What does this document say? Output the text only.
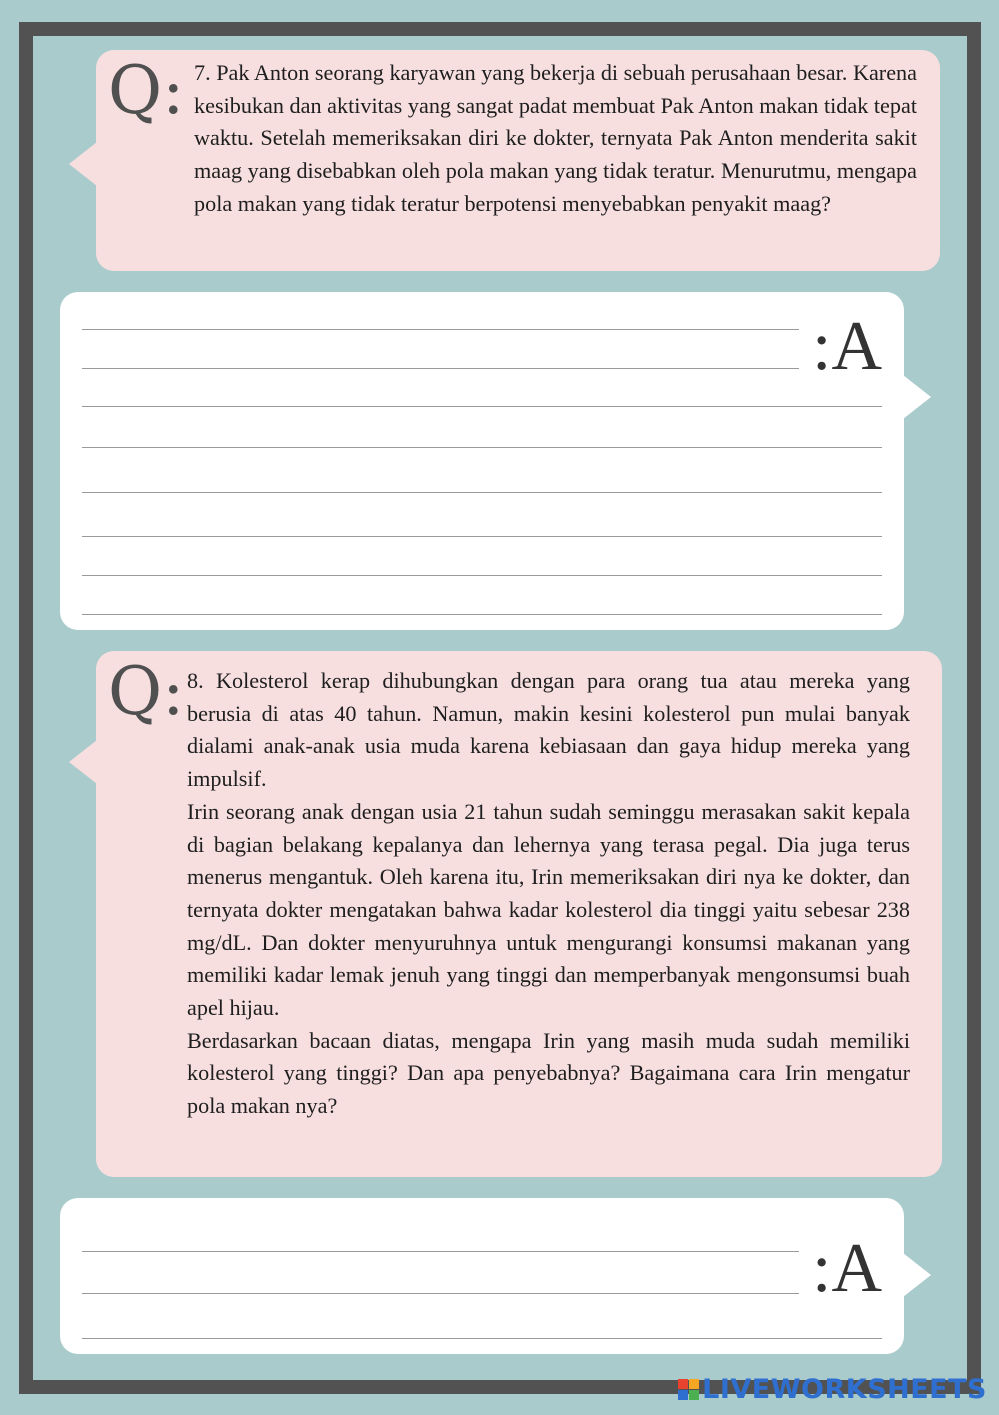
Q: 7. Pak Anton seorang karyawan yang bekerja di sebuah perusahaan besar. Karena kesibukan dan aktivitas yang sangat padat membuat Pak Anton makan tidak tepat waktu. Setelah memeriksakan diri ke dokter, ternyata Pak Anton menderita sakit maag yang disebabkan oleh pola makan yang tidak teratur. Menurutmu, mengapa pola makan yang tidak teratur berpotensi menyebabkan penyakit maag?

:A
Q: 8. Kolesterol kerap dihubungkan dengan para orang tua atau mereka yang berusia di atas 40 tahun. Namun, makin kesini kolesterol pun mulai banyak dialami anak-anak usia muda karena kebiasaan dan gaya hidup mereka yang impulsif.

Irin seorang anak dengan usia 21 tahun sudah seminggu merasakan sakit kepala di bagian belakang kepalanya dan lehernya yang terasa pegal. Dia juga terus menerus mengantuk. Oleh karena itu, Irin memeriksakan diri nya ke dokter, dan ternyata dokter mengatakan bahwa kadar kolesterol dia tinggi yaitu sebesar 238 mg/dL. Dan dokter menyuruhnya untuk mengurangi konsumsi makanan yang memiliki kadar lemak jenuh yang tinggi dan memperbanyak mengonsumsi buah apel hijau.

Berdasarkan bacaan diatas, mengapa Irin yang masih muda sudah memiliki kolesterol yang tinggi? Dan apa penyebabnya? Bagaimana cara Irin mengatur pola makan nya?

:A
LIVEWORKSHEETS
